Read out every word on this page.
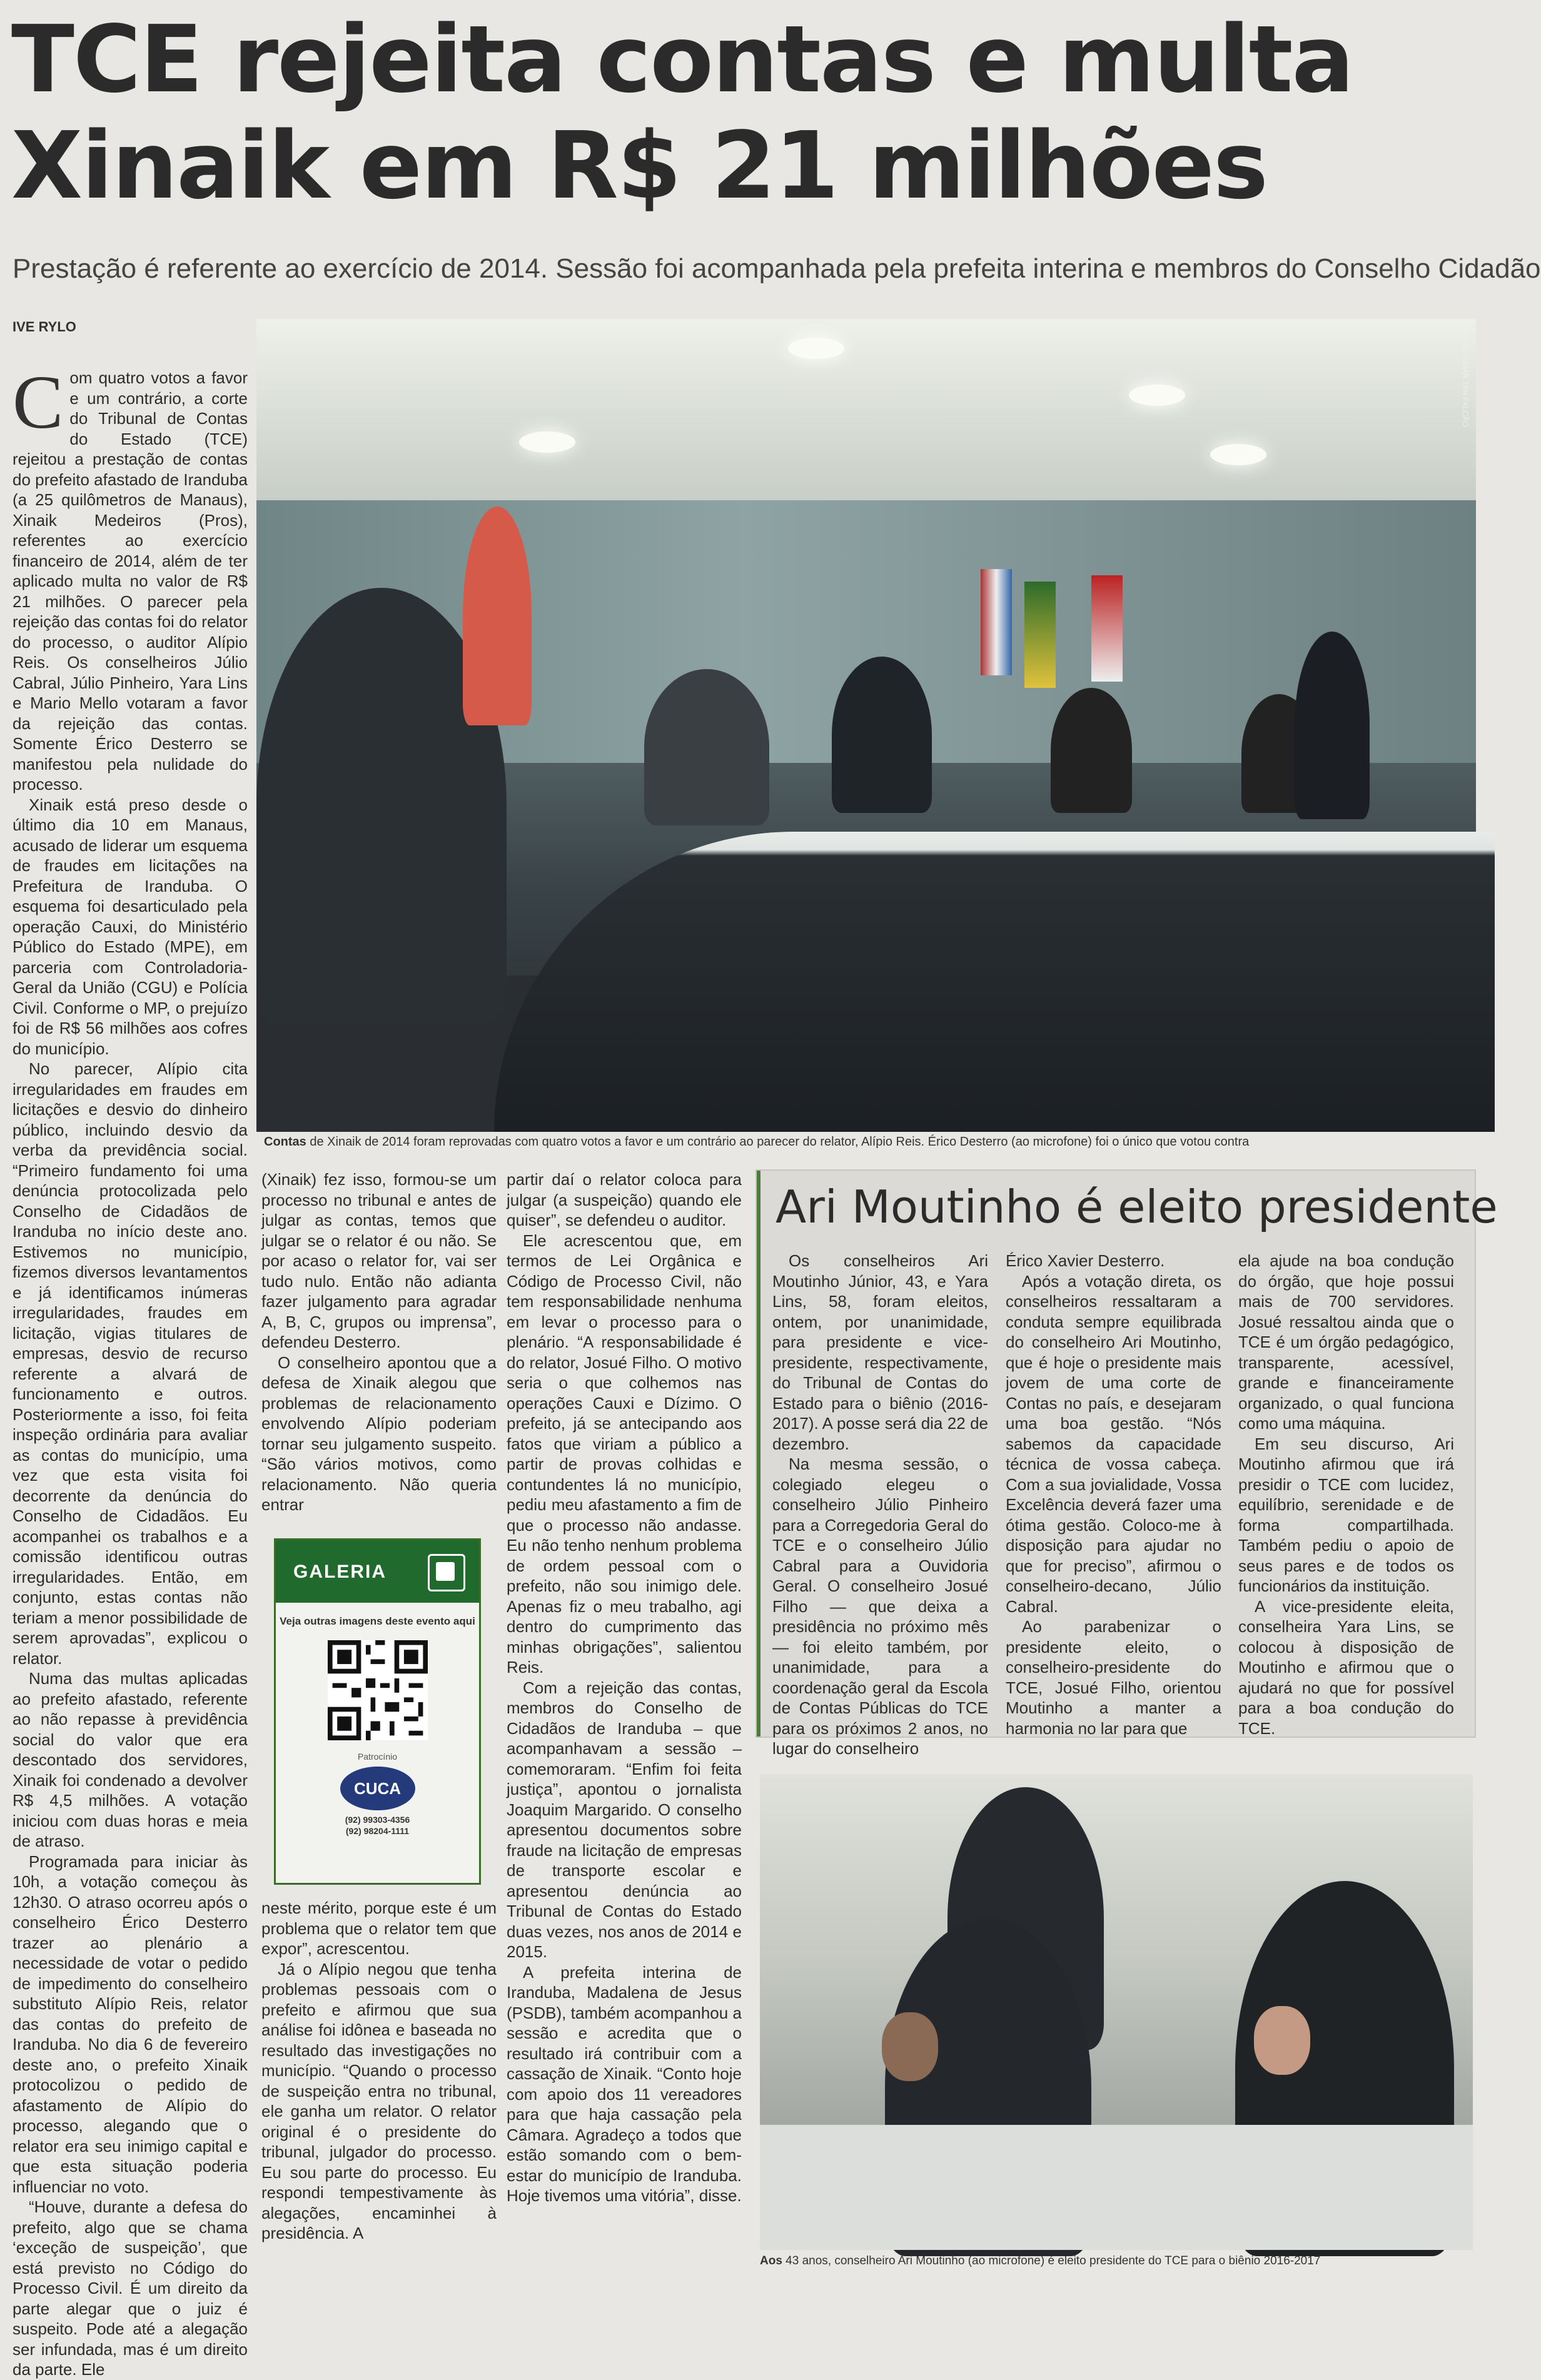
TCE rejeita contas e multa
Xinaik em R$ 21 milhões
Prestação é referente ao exercício de 2014. Sessão foi acompanhada pela prefeita interina e membros do Conselho Cidadão
IVE RYLO	FOTOS: ISMAR TAN FALCÃO
Contas de Xinaik de 2014 foram reprovadas com quatro votos a favor e um contrário ao parecer do relator, Alípio Reis. Érico Desterro (ao microfone) foi o único que votou contra
C om quatro votos a favor e um contrário, a corte do Tribunal de Contas do Estado (TCE) rejeitou a prestação de contas do prefeito afastado de Iranduba (a 25 quilômetros de Manaus), Xinaik Medeiros (Pros), referentes ao exercício financeiro de 2014, além de ter aplicado multa no valor de R$ 21 milhões. O parecer pela rejeição das contas foi do relator do processo, o auditor Alípio Reis. Os conselheiros Júlio Cabral, Júlio Pinheiro, Yara Lins e Mario Mello votaram a favor da rejeição das contas. Somente Érico Desterro se manifestou pela nulidade do processo.

Xinaik está preso desde o último dia 10 em Manaus, acusado de liderar um esquema de fraudes em licitações na Prefeitura de Iranduba. O esquema foi desarticulado pela operação Cauxi, do Ministério Público do Estado (MPE), em parceria com Controladoria-Geral da União (CGU) e Polícia Civil. Conforme o MP, o prejuízo foi de R$ 56 milhões aos cofres do município.

No parecer, Alípio cita irregularidades em fraudes em licitações e desvio do dinheiro público, incluindo desvio da verba da previdência social. “Primeiro fundamento foi uma denúncia protocolizada pelo Conselho de Cidadãos de Iranduba no início deste ano. Estivemos no município, fizemos diversos levantamentos e já identificamos inúmeras irregularidades, fraudes em licitação, vigias titulares de empresas, desvio de recurso referente a alvará de funcionamento e outros. Posteriormente a isso, foi feita inspeção ordinária para avaliar as contas do município, uma vez que esta visita foi decorrente da denúncia do Conselho de Cidadãos. Eu acompanhei os trabalhos e a comissão identificou outras irregularidades. Então, em conjunto, estas contas não teriam a menor possibilidade de serem aprovadas”, explicou o relator.

Numa das multas aplicadas ao prefeito afastado, referente ao não repasse à previdência social do valor que era descontado dos servidores, Xinaik foi condenado a devolver R$ 4,5 milhões. A votação iniciou com duas horas e meia de atraso.

Programada para iniciar às 10h, a votação começou às 12h30. O atraso ocorreu após o conselheiro Érico Desterro trazer ao plenário a necessidade de votar o pedido de impedimento do conselheiro substituto Alípio Reis, relator das contas do prefeito de Iranduba. No dia 6 de fevereiro deste ano, o prefeito Xinaik protocolizou o pedido de afastamento de Alípio do processo, alegando que o relator era seu inimigo capital e que esta situação poderia influenciar no voto.

“Houve, durante a defesa do prefeito, algo que se chama ‘exceção de suspeição’, que está previsto no Código do Processo Civil. É um direito da parte alegar que o juiz é suspeito. Pode até a alegação ser infundada, mas é um direito da parte. Ele

(Xinaik) fez isso, formou-se um processo no tribunal e antes de julgar as contas, temos que julgar se o relator é ou não. Se por acaso o relator for, vai ser tudo nulo. Então não adianta fazer julgamento para agradar A, B, C, grupos ou imprensa”, defendeu Desterro.

O conselheiro apontou que a defesa de Xinaik alegou que problemas de relacionamento envolvendo Alípio poderiam tornar seu julgamento suspeito. “São vários motivos, como relacionamento. Não queria entrar

GALERIA
Veja outras imagens deste evento aqui
Patrocínio
CUCA
(92) 99303-4356
(92) 98204-1111

neste mérito, porque este é um problema que o relator tem que expor”, acrescentou.

Já o Alípio negou que tenha problemas pessoais com o prefeito e afirmou que sua análise foi idônea e baseada no resultado das investigações no município. “Quando o processo de suspeição entra no tribunal, ele ganha um relator. O relator original é o presidente do tribunal, julgador do processo. Eu sou parte do processo. Eu respondi tempestivamente às alegações, encaminhei à presidência. A

partir daí o relator coloca para julgar (a suspeição) quando ele quiser”, se defendeu o auditor.

Ele acrescentou que, em termos de Lei Orgânica e Código de Processo Civil, não tem responsabilidade nenhuma em levar o processo para o plenário. “A responsabilidade é do relator, Josué Filho. O motivo seria o que colhemos nas operações Cauxi e Dízimo. O prefeito, já se antecipando aos fatos que viriam a público a partir de provas colhidas e contundentes lá no município, pediu meu afastamento a fim de que o processo não andasse. Eu não tenho nenhum problema de ordem pessoal com o prefeito, não sou inimigo dele. Apenas fiz o meu trabalho, agi dentro do cumprimento das minhas obrigações”, salientou Reis.

Com a rejeição das contas, membros do Conselho de Cidadãos de Iranduba – que acompanhavam a sessão – comemoraram. “Enfim foi feita justiça”, apontou o jornalista Joaquim Margarido. O conselho apresentou documentos sobre fraude na licitação de empresas de transporte escolar e apresentou denúncia ao Tribunal de Contas do Estado duas vezes, nos anos de 2014 e 2015.

A prefeita interina de Iranduba, Madalena de Jesus (PSDB), também acompanhou a sessão e acredita que o resultado irá contribuir com a cassação de Xinaik. “Conto hoje com apoio dos 11 vereadores para que haja cassação pela Câmara. Agradeço a todos que estão somando com o bem-estar do município de Iranduba. Hoje tivemos uma vitória”, disse.

Ari Moutinho é eleito presidente

Os conselheiros Ari Moutinho Júnior, 43, e Yara Lins, 58, foram eleitos, ontem, por unanimidade, para presidente e vice-presidente, respectivamente, do Tribunal de Contas do Estado para o biênio (2016-2017). A posse será dia 22 de dezembro.

Na mesma sessão, o colegiado elegeu o conselheiro Júlio Pinheiro para a Corregedoria Geral do TCE e o conselheiro Júlio Cabral para a Ouvidoria Geral. O conselheiro Josué Filho — que deixa a presidência no próximo mês — foi eleito também, por unanimidade, para a coordenação geral da Escola de Contas Públicas do TCE para os próximos 2 anos, no lugar do conselheiro

Érico Xavier Desterro.

Após a votação direta, os conselheiros ressaltaram a conduta sempre equilibrada do conselheiro Ari Moutinho, que é hoje o presidente mais jovem de uma corte de Contas no país, e desejaram uma boa gestão. “Nós sabemos da capacidade técnica de vossa cabeça. Com a sua jovialidade, Vossa Excelência deverá fazer uma ótima gestão. Coloco-me à disposição para ajudar no que for preciso”, afirmou o conselheiro-decano, Júlio Cabral.

Ao parabenizar o presidente eleito, o conselheiro-presidente do TCE, Josué Filho, orientou Moutinho a manter a harmonia no lar para que

ela ajude na boa condução do órgão, que hoje possui mais de 700 servidores. Josué ressaltou ainda que o TCE é um órgão pedagógico, transparente, acessível, grande e financeiramente organizado, o qual funciona como uma máquina.

Em seu discurso, Ari Moutinho afirmou que irá presidir o TCE com lucidez, equilíbrio, serenidade e de forma compartilhada. Também pediu o apoio de seus pares e de todos os funcionários da instituição.

A vice-presidente eleita, conselheira Yara Lins, se colocou à disposição de Moutinho e afirmou que o ajudará no que for possível para a boa condução do TCE.

Aos 43 anos, conselheiro Ari Moutinho (ao microfone) é eleito presidente do TCE para o biênio 2016-2017
